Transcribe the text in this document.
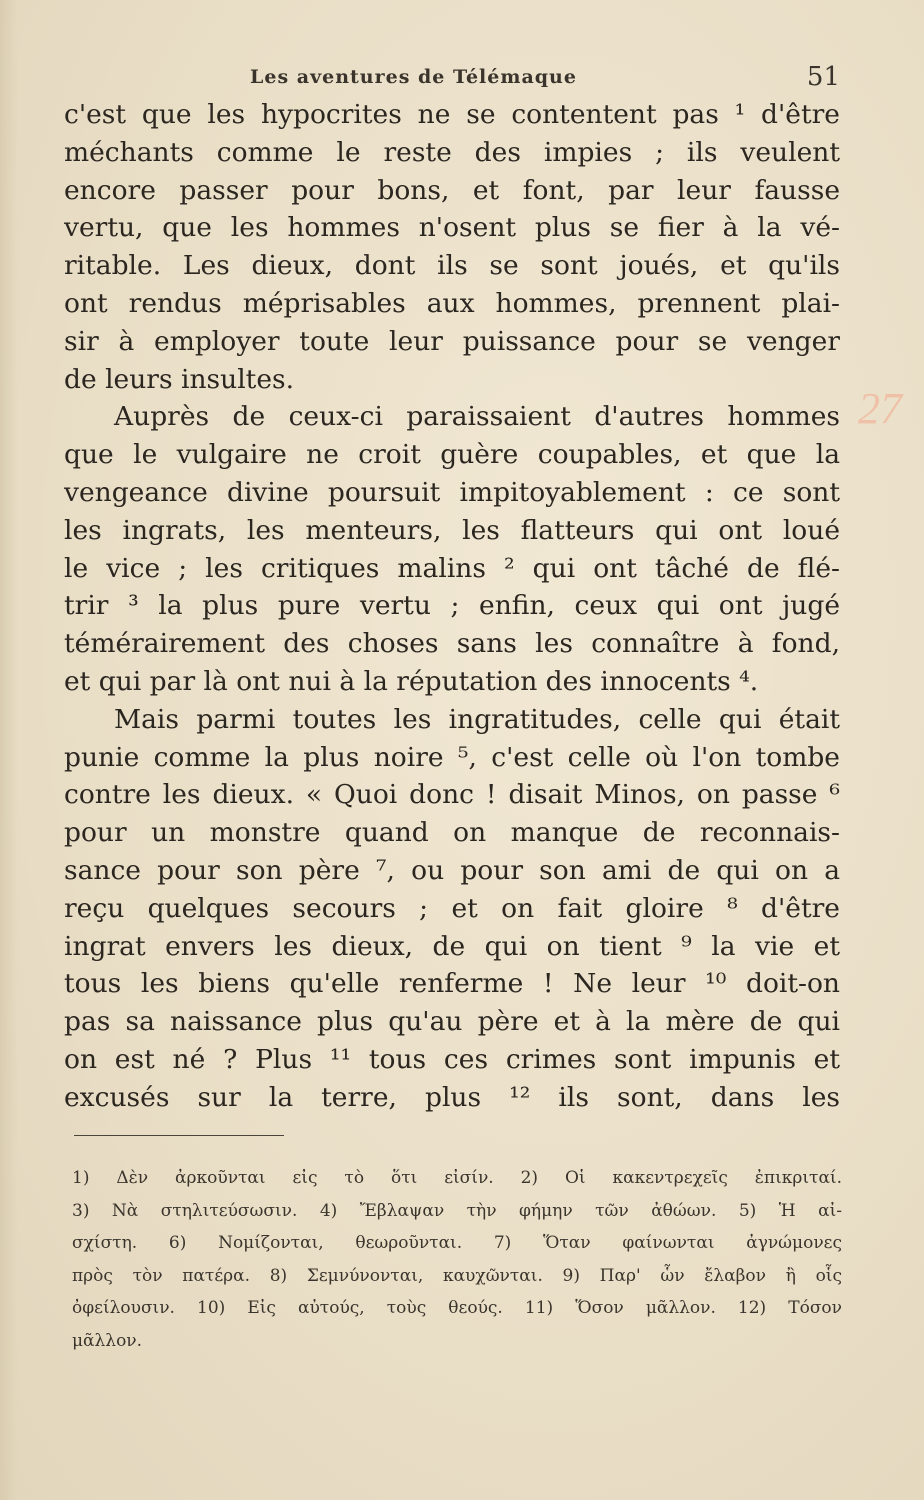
Les aventures de Télémaque	51
c'est que les hypocrites ne se contentent pas ¹ d'être
méchants comme le reste des impies ; ils veulent
encore passer pour bons, et font, par leur fausse
vertu, que les hommes n'osent plus se fier à la vé-
ritable. Les dieux, dont ils se sont joués, et qu'ils
ont rendus méprisables aux hommes, prennent plai-
sir à employer toute leur puissance pour se venger
de leurs insultes.
Auprès de ceux-ci paraissaient d'autres hommes
que le vulgaire ne croit guère coupables, et que la
vengeance divine poursuit impitoyablement : ce sont
les ingrats, les menteurs, les flatteurs qui ont loué
le vice ; les critiques malins ² qui ont tâché de flé-
trir ³ la plus pure vertu ; enfin, ceux qui ont jugé
témérairement des choses sans les connaître à fond,
et qui par là ont nui à la réputation des innocents ⁴.
Mais parmi toutes les ingratitudes, celle qui était
punie comme la plus noire ⁵, c'est celle où l'on tombe
contre les dieux. « Quoi donc ! disait Minos, on passe ⁶
pour un monstre quand on manque de reconnais-
sance pour son père ⁷, ou pour son ami de qui on a
reçu quelques secours ; et on fait gloire ⁸ d'être
ingrat envers les dieux, de qui on tient ⁹ la vie et
tous les biens qu'elle renferme ! Ne leur ¹⁰ doit-on
pas sa naissance plus qu'au père et à la mère de qui
on est né ? Plus ¹¹ tous ces crimes sont impunis et
excusés sur la terre, plus ¹² ils sont, dans les
27
1) Δὲν ἀρκοῦνται εἰς τὸ ὅτι εἰσίν. 2) Οἱ κακεντρεχεῖς ἐπικριταί.
3) Νὰ στηλιτεύσωσιν. 4) Ἔβλαψαν τὴν φήμην τῶν ἀθώων. 5) Ἡ αἰ-
σχίστη. 6) Νομίζονται, θεωροῦνται. 7) Ὅταν φαίνωνται ἀγνώμονες
πρὸς τὸν πατέρα. 8) Σεμνύνονται, καυχῶνται. 9) Παρ' ὧν ἔλαβον ἢ οἷς
ὀφείλουσιν. 10) Εἰς αὐτούς, τοὺς θεούς. 11) Ὅσον μᾶλλον. 12) Τόσον
μᾶλλον.
